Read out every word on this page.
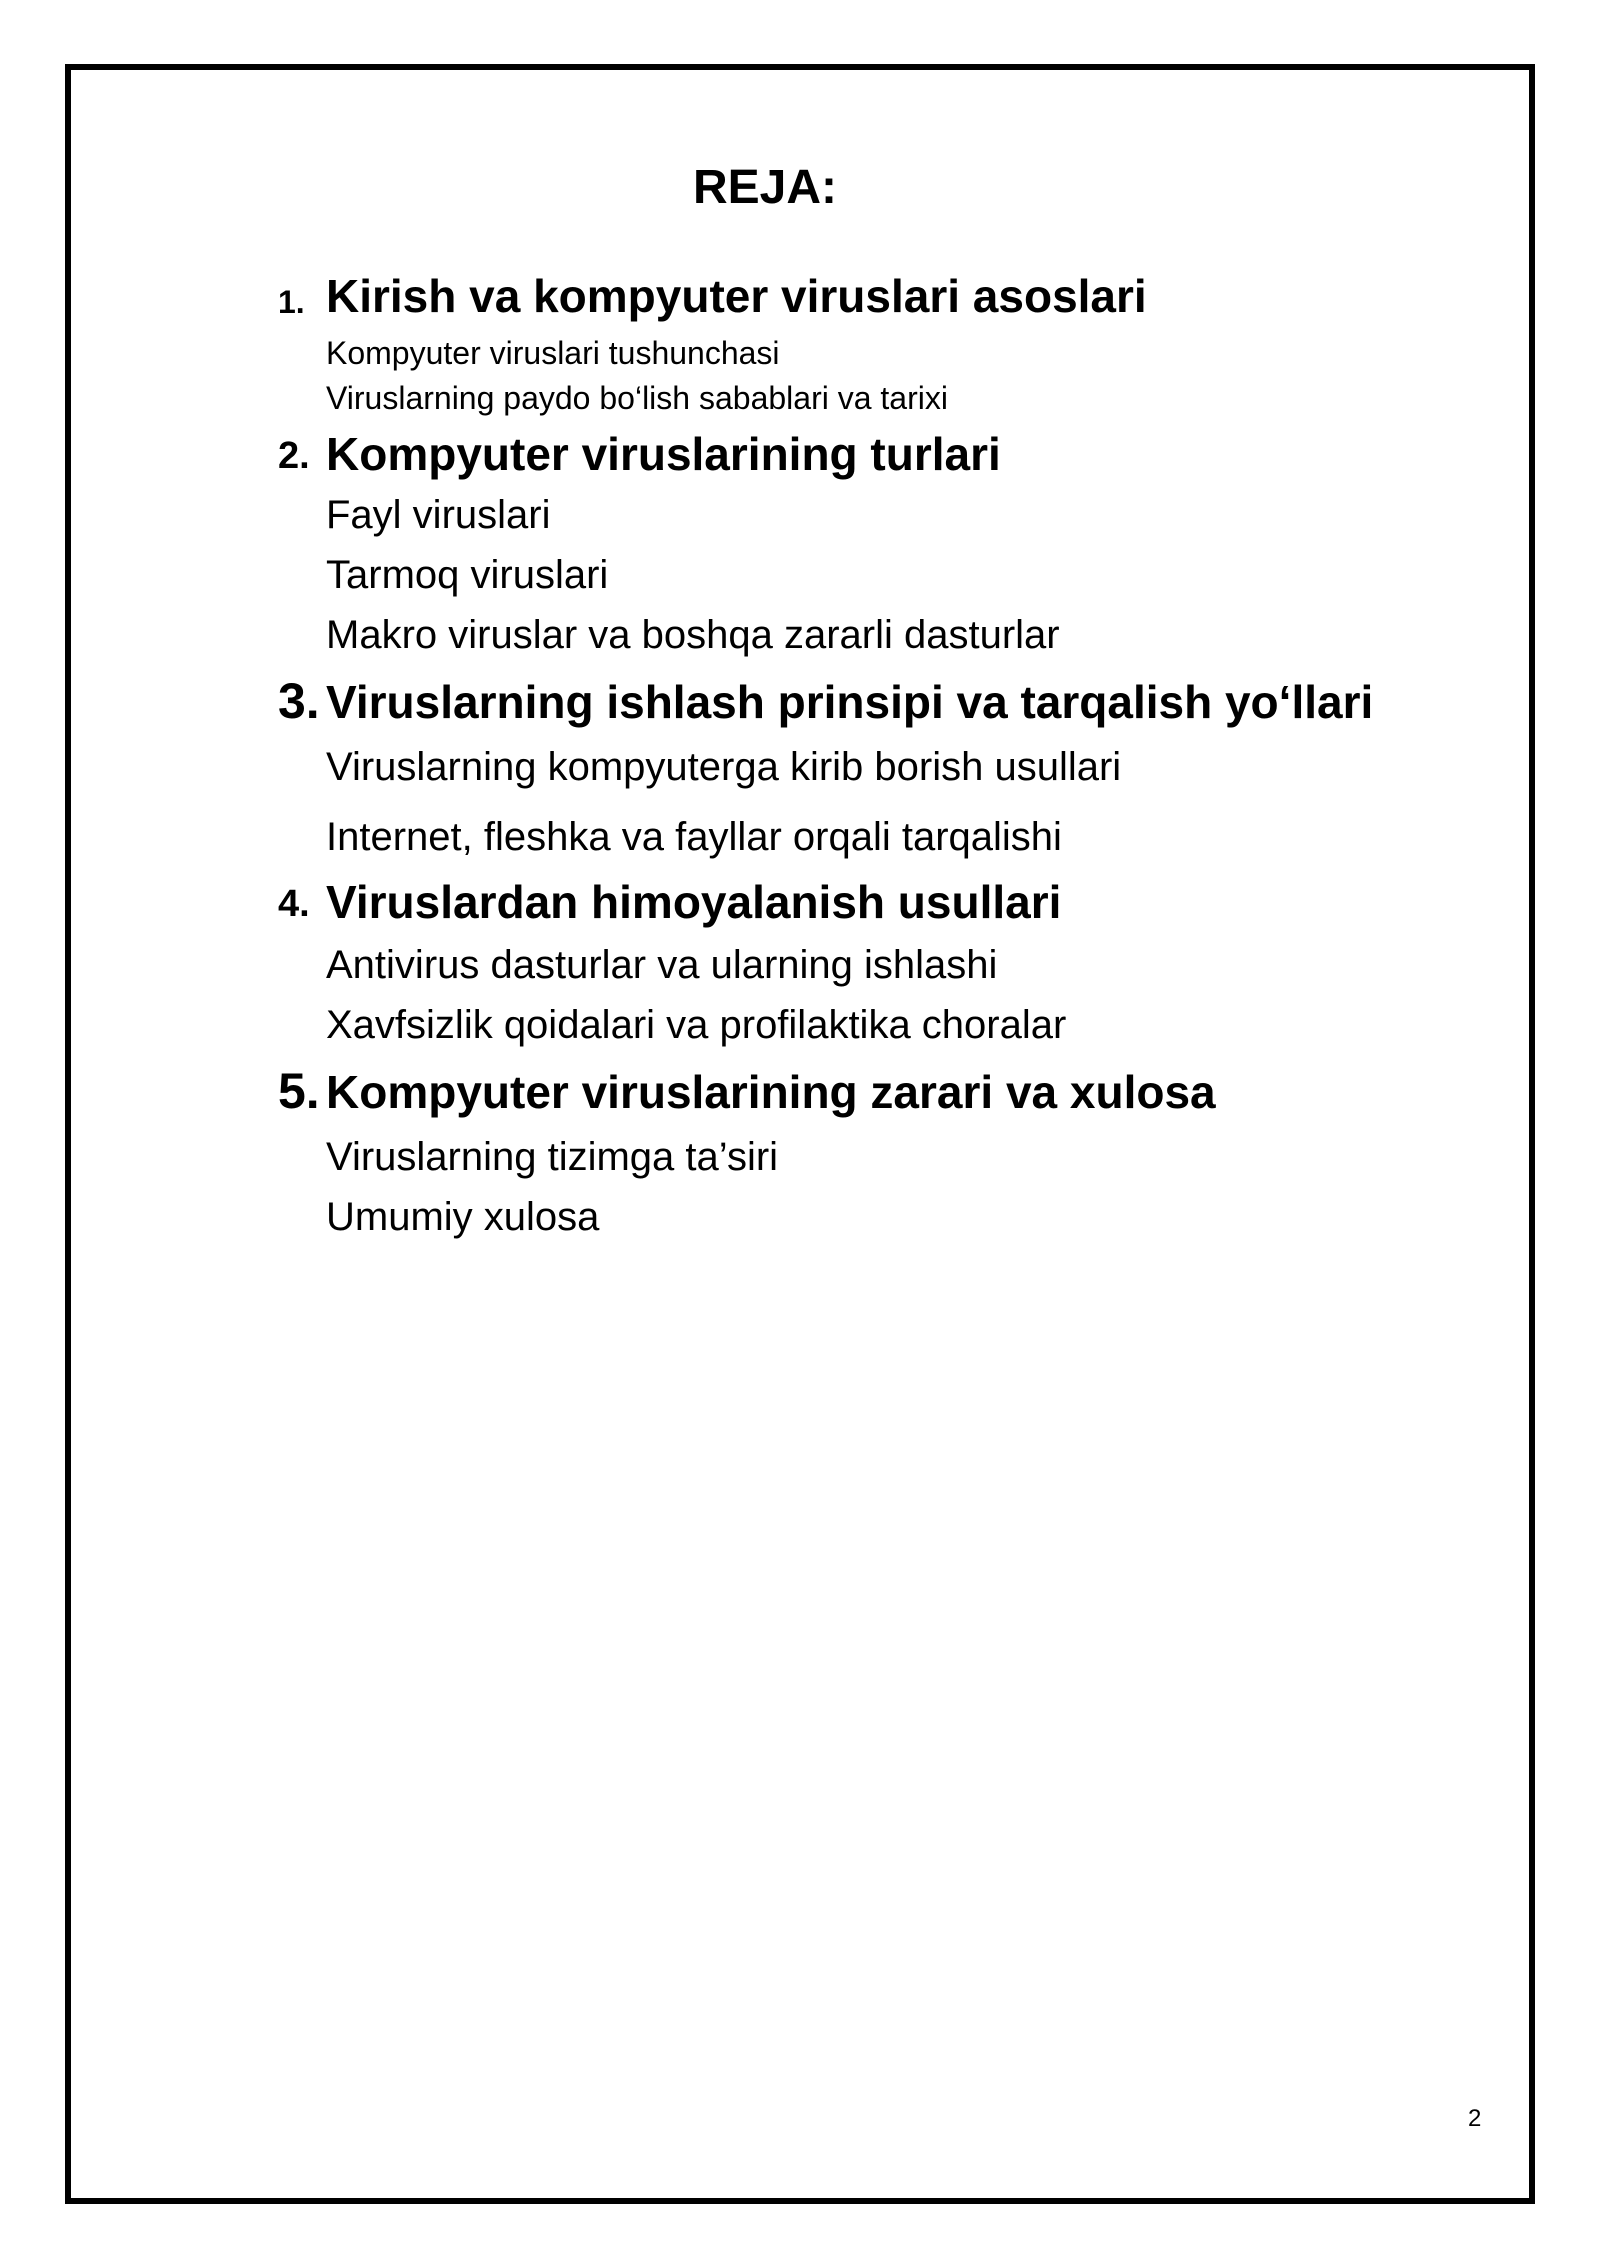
REJA:
1. Kirish va kompyuter viruslari asoslari
Kompyuter viruslari tushunchasi
Viruslarning paydo bo‘lish sabablari va tarixi
2. Kompyuter viruslarining turlari
Fayl viruslari
Tarmoq viruslari
Makro viruslar va boshqa zararli dasturlar
3. Viruslarning ishlash prinsipi va tarqalish yo‘llari
Viruslarning kompyuterga kirib borish usullari
Internet, fleshka va fayllar orqali tarqalishi
4. Viruslardan himoyalanish usullari
Antivirus dasturlar va ularning ishlashi
Xavfsizlik qoidalari va profilaktika choralar
5. Kompyuter viruslarining zarari va xulosa
Viruslarning tizimga ta’siri
Umumiy xulosa
2
